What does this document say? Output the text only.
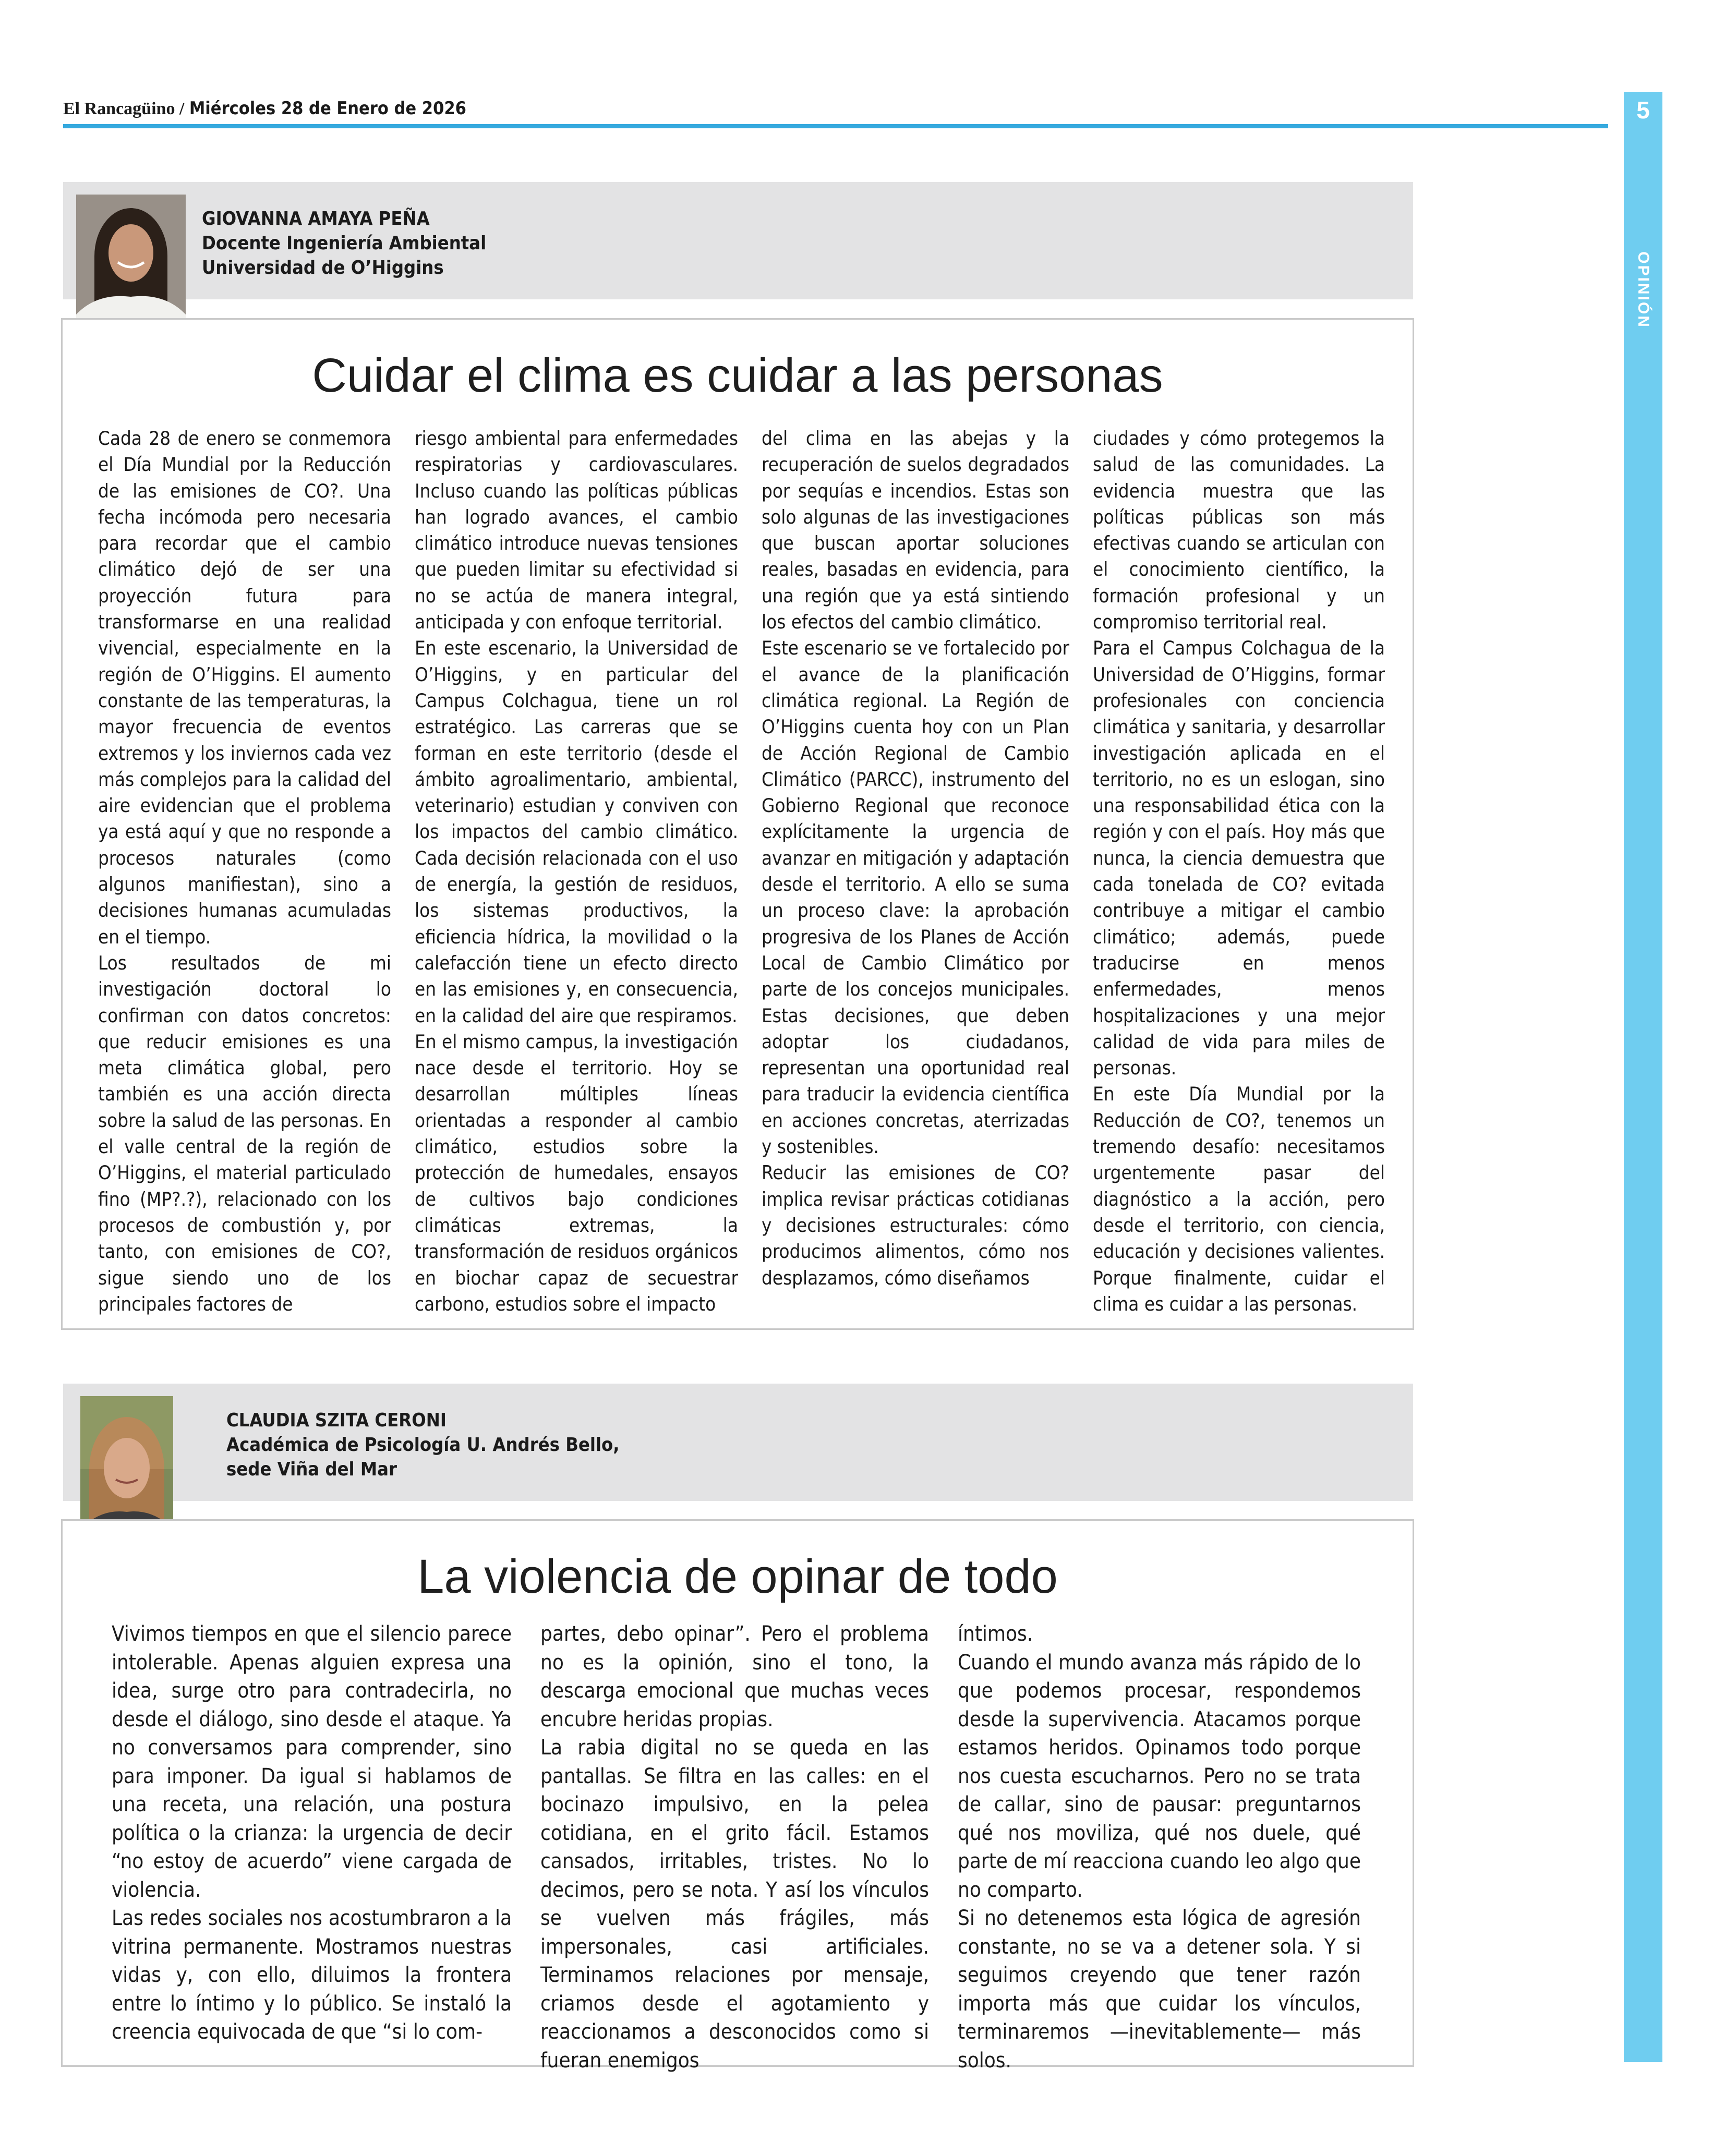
El Rancagüino / Miércoles 28 de Enero de 2026	5
OPINIÓN
GIOVANNA AMAYA PEÑA
Docente Ingeniería Ambiental
Universidad de O’Higgins
Cuidar el clima es cuidar a las personas

Cada 28 de enero se conmemora el Día Mundial por la Reducción de las emisiones de CO?. Una fecha incómoda pero necesaria para recordar que el cambio climático dejó de ser una proyección futura para transformarse en una realidad vivencial, especialmente en la región de O’Higgins. El aumento constante de las temperaturas, la mayor frecuencia de eventos extremos y los inviernos cada vez más complejos para la calidad del aire evidencian que el problema ya está aquí y que no responde a procesos naturales (como algunos manifiestan), sino a decisiones humanas acumuladas en el tiempo.

Los resultados de mi investigación doctoral lo confirman con datos concretos: que reducir emisiones es una meta climática global, pero también es una acción directa sobre la salud de las personas. En el valle central de la región de O’Higgins, el material particulado fino (MP?.?), relacionado con los procesos de combustión y, por tanto, con emisiones de CO?, sigue siendo uno de los principales factores de

riesgo ambiental para enfermedades respiratorias y cardiovasculares. Incluso cuando las políticas públicas han logrado avances, el cambio climático introduce nuevas tensiones que pueden limitar su efectividad si no se actúa de manera integral, anticipada y con enfoque territorial.

En este escenario, la Universidad de O’Higgins, y en particular del Campus Colchagua, tiene un rol estratégico. Las carreras que se forman en este territorio (desde el ámbito agroalimentario, ambiental, veterinario) estudian y conviven con los impactos del cambio climático. Cada decisión relacionada con el uso de energía, la gestión de residuos, los sistemas productivos, la eficiencia hídrica, la movilidad o la calefacción tiene un efecto directo en las emisiones y, en consecuencia, en la calidad del aire que respiramos.

En el mismo campus, la investigación nace desde el territorio. Hoy se desarrollan múltiples líneas orientadas a responder al cambio climático, estudios sobre la protección de humedales, ensayos de cultivos bajo condiciones climáticas extremas, la transformación de residuos orgánicos en biochar capaz de secuestrar carbono, estudios sobre el impacto

del clima en las abejas y la recuperación de suelos degradados por sequías e incendios. Estas son solo algunas de las investigaciones que buscan aportar soluciones reales, basadas en evidencia, para una región que ya está sintiendo los efectos del cambio climático.

Este escenario se ve fortalecido por el avance de la planificación climática regional. La Región de O’Higgins cuenta hoy con un Plan de Acción Regional de Cambio Climático (PARCC), instrumento del Gobierno Regional que reconoce explícitamente la urgencia de avanzar en mitigación y adaptación desde el territorio. A ello se suma un proceso clave: la aprobación progresiva de los Planes de Acción Local de Cambio Climático por parte de los concejos municipales. Estas decisiones, que deben adoptar los ciudadanos, representan una oportunidad real para traducir la evidencia científica en acciones concretas, aterrizadas y sostenibles.

Reducir las emisiones de CO? implica revisar prácticas cotidianas y decisiones estructurales: cómo producimos alimentos, cómo nos desplazamos, cómo diseñamos

ciudades y cómo protegemos la salud de las comunidades. La evidencia muestra que las políticas públicas son más efectivas cuando se articulan con el conocimiento científico, la formación profesional y un compromiso territorial real.

Para el Campus Colchagua de la Universidad de O’Higgins, formar profesionales con conciencia climática y sanitaria, y desarrollar investigación aplicada en el territorio, no es un eslogan, sino una responsabilidad ética con la región y con el país. Hoy más que nunca, la ciencia demuestra que cada tonelada de CO? evitada contribuye a mitigar el cambio climático; además, puede traducirse en menos enfermedades, menos hospitalizaciones y una mejor calidad de vida para miles de personas.

En este Día Mundial por la Reducción de CO?, tenemos un tremendo desafío: necesitamos urgentemente pasar del diagnóstico a la acción, pero desde el territorio, con ciencia, educación y decisiones valientes. Porque finalmente, cuidar el clima es cuidar a las personas.

CLAUDIA SZITA CERONI
Académica de Psicología U. Andrés Bello,
sede Viña del Mar
La violencia de opinar de todo

Vivimos tiempos en que el silencio parece intolerable. Apenas alguien expresa una idea, surge otro para contradecirla, no desde el diálogo, sino desde el ataque. Ya no conversamos para comprender, sino para imponer. Da igual si hablamos de una receta, una relación, una postura política o la crianza: la urgencia de decir “no estoy de acuerdo” viene cargada de violencia.

Las redes sociales nos acostumbraron a la vitrina permanente. Mostramos nuestras vidas y, con ello, diluimos la frontera entre lo íntimo y lo público. Se instaló la creencia equivocada de que “si lo com-

partes, debo opinar”. Pero el problema no es la opinión, sino el tono, la descarga emocional que muchas veces encubre heridas propias.

La rabia digital no se queda en las pantallas. Se filtra en las calles: en el bocinazo impulsivo, en la pelea cotidiana, en el grito fácil. Estamos cansados, irritables, tristes. No lo decimos, pero se nota. Y así los vínculos se vuelven más frágiles, más impersonales, casi artificiales. Terminamos relaciones por mensaje, criamos desde el agotamiento y reaccionamos a desconocidos como si fueran enemigos

íntimos.

Cuando el mundo avanza más rápido de lo que podemos procesar, respondemos desde la supervivencia. Atacamos porque estamos heridos. Opinamos todo porque nos cuesta escucharnos. Pero no se trata de callar, sino de pausar: preguntarnos qué nos moviliza, qué nos duele, qué parte de mí reacciona cuando leo algo que no comparto.

Si no detenemos esta lógica de agresión constante, no se va a detener sola. Y si seguimos creyendo que tener razón importa más que cuidar los vínculos, terminaremos —inevitablemente— más solos.
